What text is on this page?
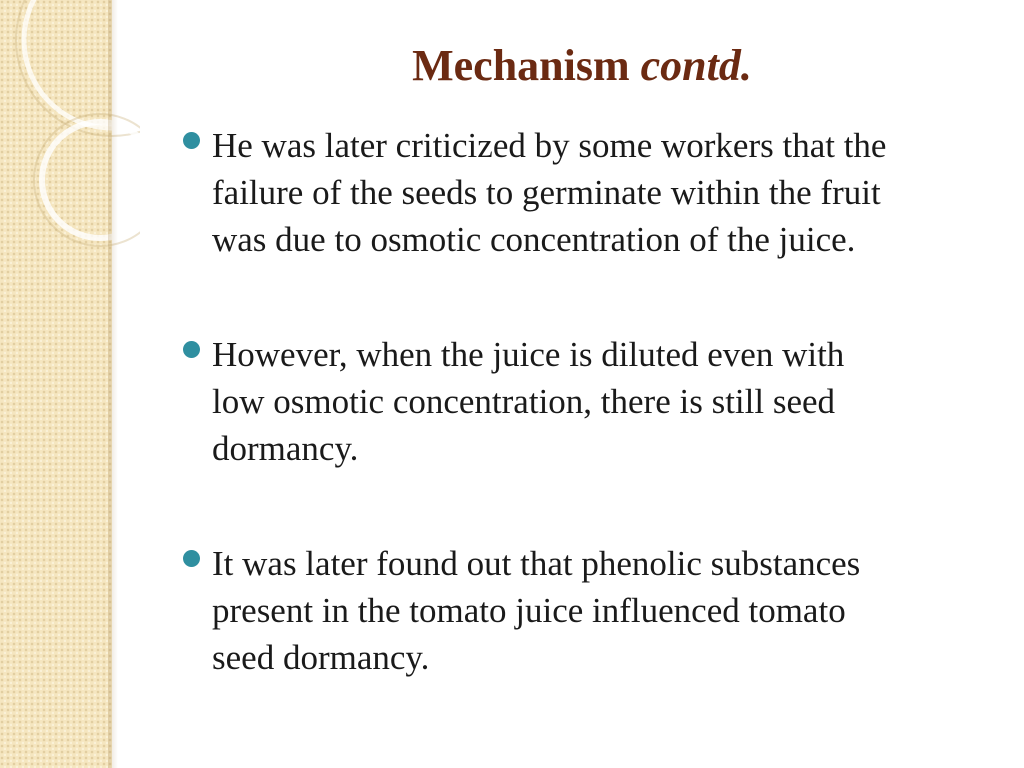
Mechanism contd.
He was later criticized by some workers that the
failure of the seeds to germinate within the fruit
was due to osmotic concentration of the juice.
However, when the juice is diluted even with
low osmotic concentration, there is still seed
dormancy.
It was later found out that phenolic substances
present in the tomato juice influenced tomato
seed dormancy.
